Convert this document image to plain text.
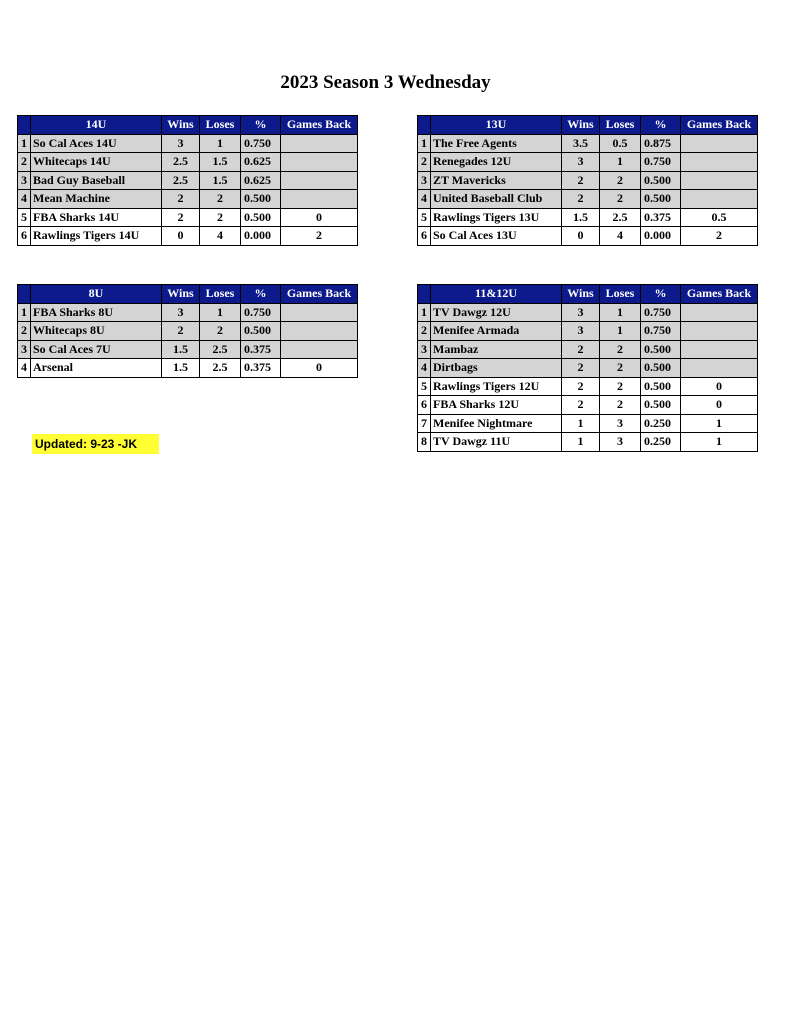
2023 Season 3 Wednesday
	14U	Wins	Loses	%	Games Back
1	So Cal Aces 14U	3	1	0.750	
2	Whitecaps 14U	2.5	1.5	0.625	
3	Bad Guy Baseball	2.5	1.5	0.625	
4	Mean Machine	2	2	0.500	
5	FBA Sharks 14U	2	2	0.500	0
6	Rawlings Tigers 14U	0	4	0.000	2
	13U	Wins	Loses	%	Games Back
1	The Free Agents	3.5	0.5	0.875	
2	Renegades 12U	3	1	0.750	
3	ZT Mavericks	2	2	0.500	
4	United Baseball Club	2	2	0.500	
5	Rawlings Tigers 13U	1.5	2.5	0.375	0.5
6	So Cal Aces 13U	0	4	0.000	2
	8U	Wins	Loses	%	Games Back
1	FBA Sharks 8U	3	1	0.750	
2	Whitecaps 8U	2	2	0.500	
3	So Cal Aces 7U	1.5	2.5	0.375	
4	Arsenal	1.5	2.5	0.375	0
	11&12U	Wins	Loses	%	Games Back
1	TV Dawgz 12U	3	1	0.750	
2	Menifee Armada	3	1	0.750	
3	Mambaz	2	2	0.500	
4	Dirtbags	2	2	0.500	
5	Rawlings Tigers 12U	2	2	0.500	0
6	FBA Sharks 12U	2	2	0.500	0
7	Menifee Nightmare	1	3	0.250	1
8	TV Dawgz 11U	1	3	0.250	1
Updated: 9-23 -JK
